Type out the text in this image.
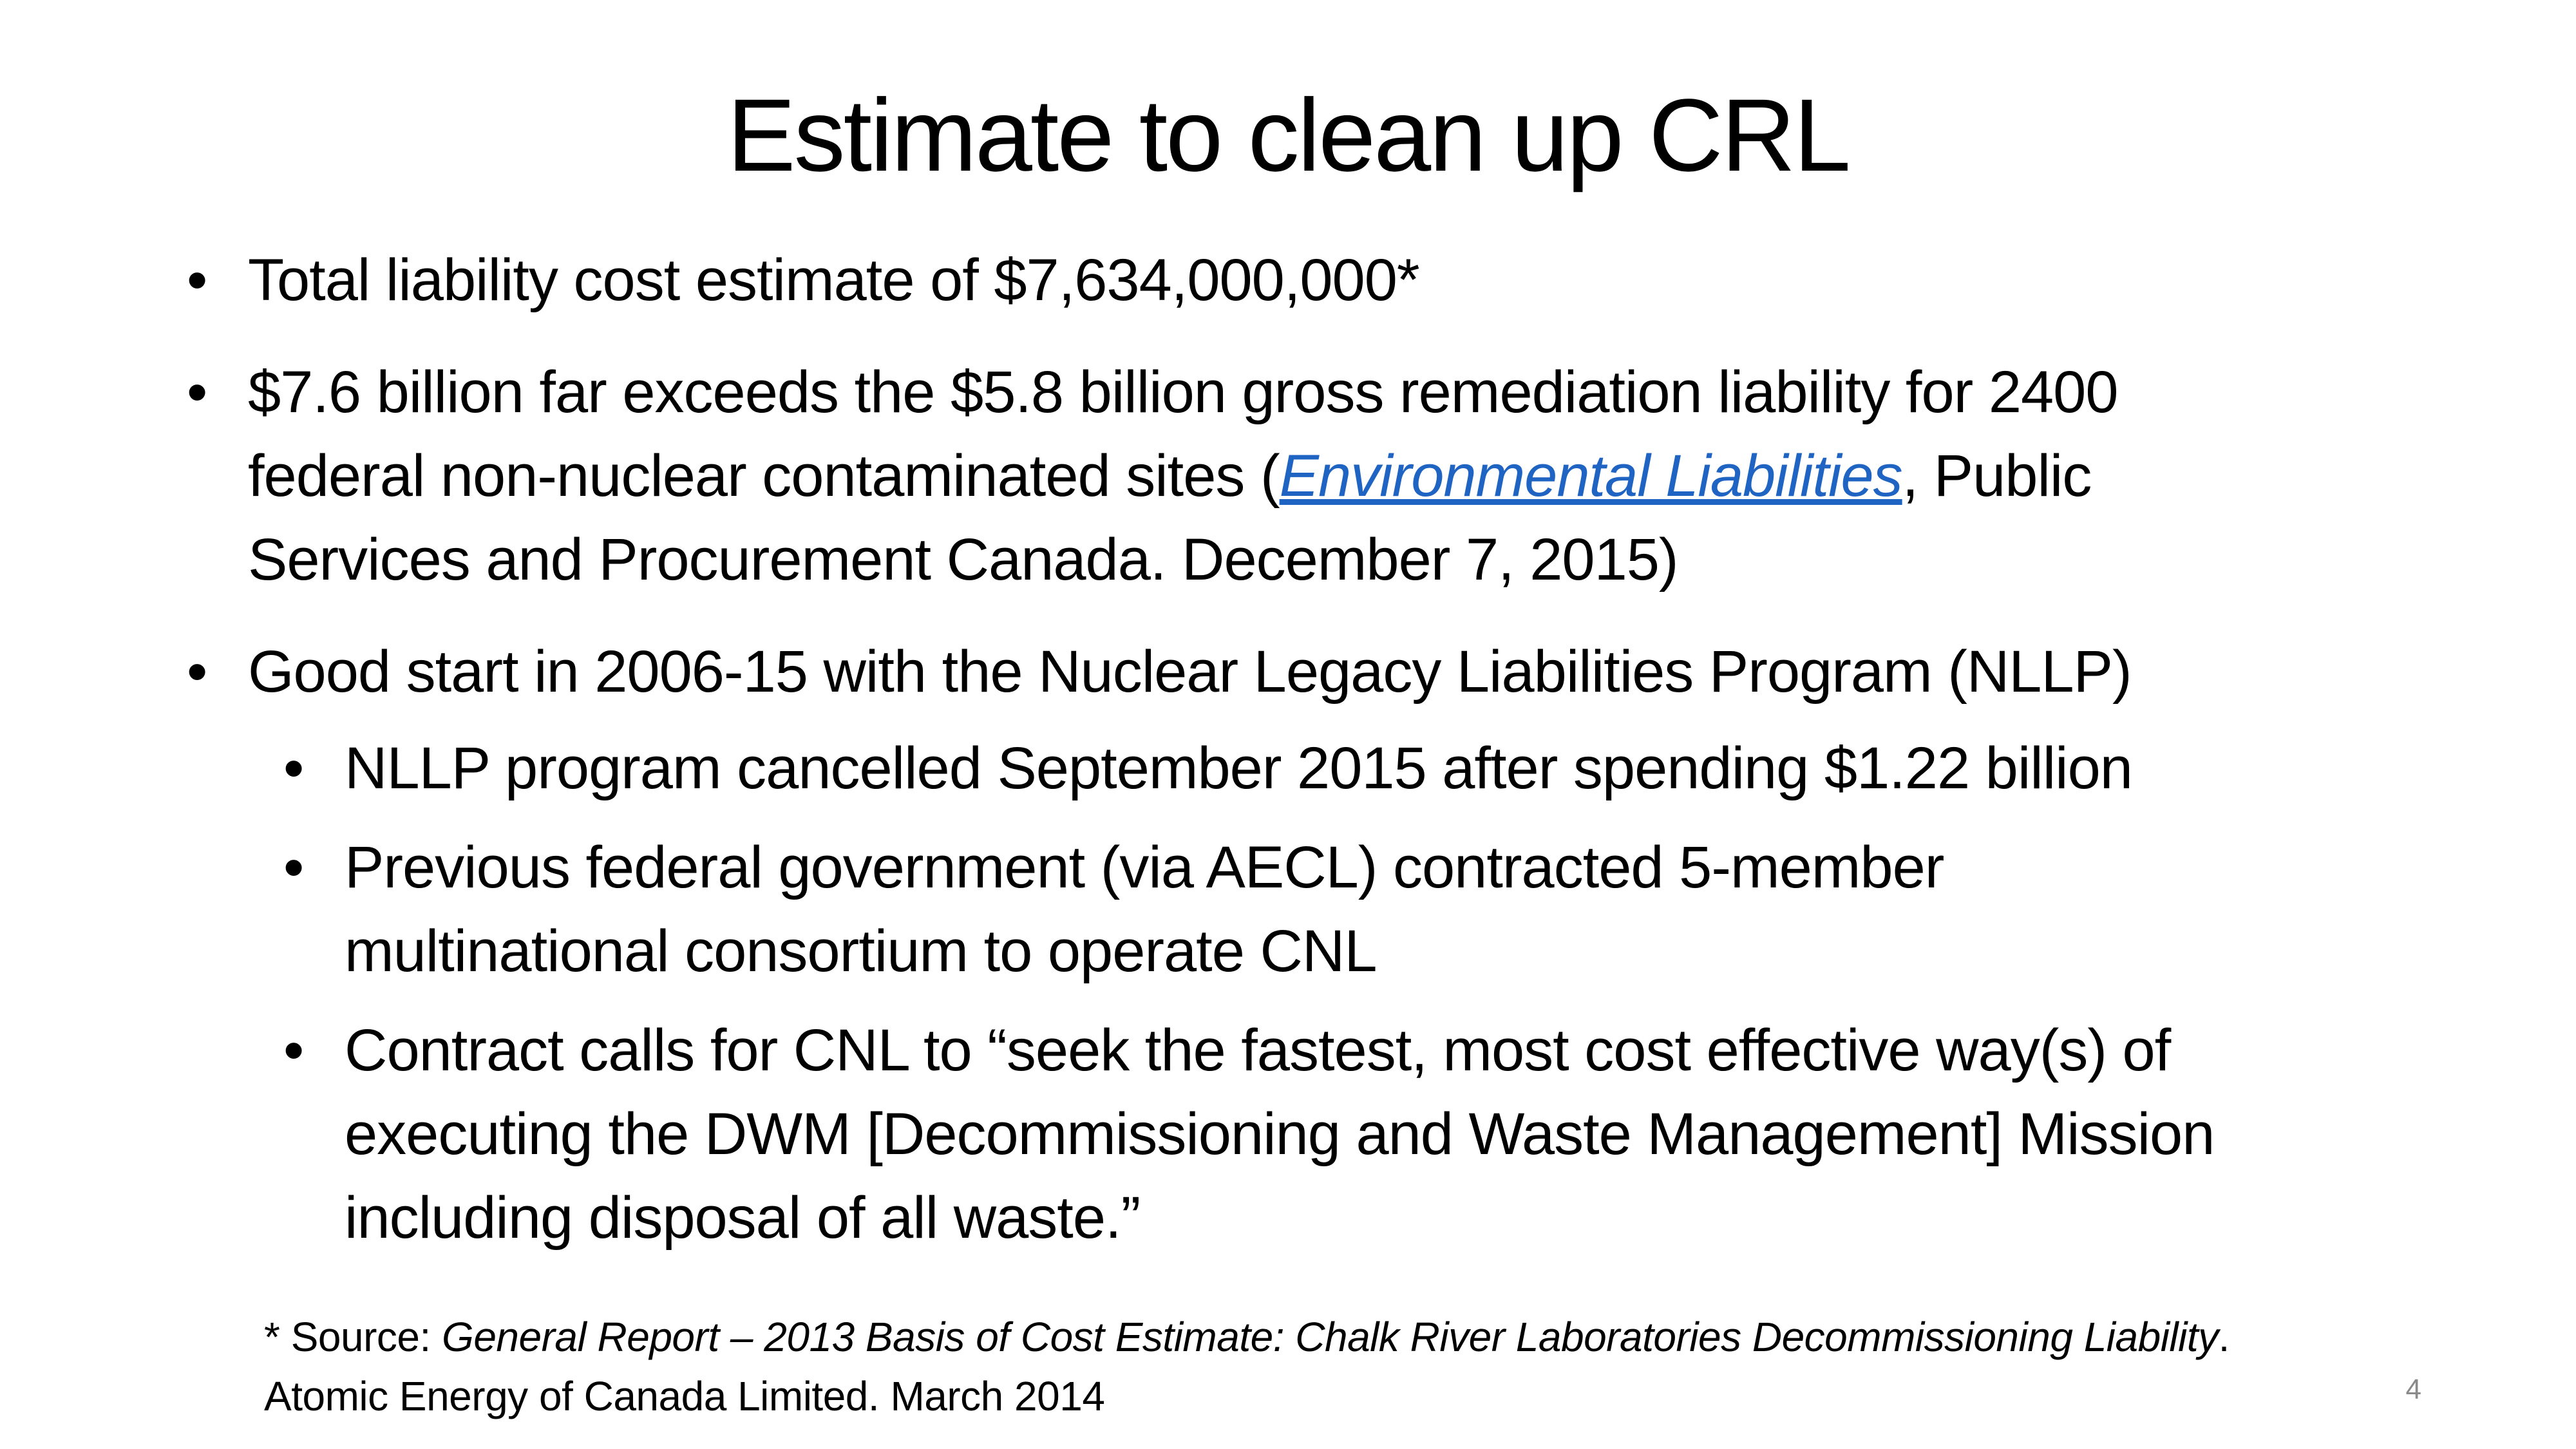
Estimate to clean up CRL
• Total liability cost estimate of $7,634,000,000*
• $7.6 billion far exceeds the $5.8 billion gross remediation liability for 2400
federal non-nuclear contaminated sites (Environmental Liabilities, Public
Services and Procurement Canada. December 7, 2015)
• Good start in 2006-15 with the Nuclear Legacy Liabilities Program (NLLP)
• NLLP program cancelled September 2015 after spending $1.22 billion
• Previous federal government (via AECL) contracted 5-member
multinational consortium to operate CNL
• Contract calls for CNL to “seek the fastest, most cost effective way(s) of
executing the DWM [Decommissioning and Waste Management] Mission
including disposal of all waste.”
* Source: General Report – 2013 Basis of Cost Estimate: Chalk River Laboratories Decommissioning Liability.
Atomic Energy of Canada Limited. March 2014	4
